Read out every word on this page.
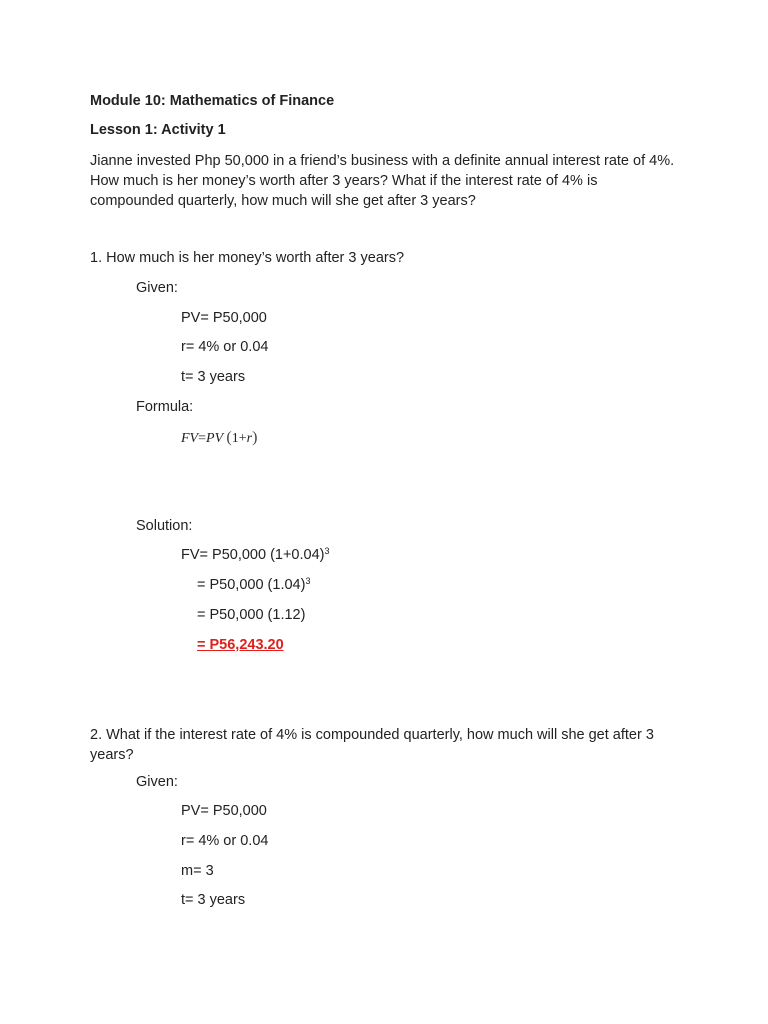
Module 10: Mathematics of Finance
Lesson 1: Activity 1
Jianne invested Php 50,000 in a friend’s business with a definite annual interest rate of 4%. How much is her money’s worth after 3 years? What if the interest rate of 4% is compounded quarterly, how much will she get after 3 years?
1. How much is her money’s worth after 3 years?
Given:
PV= P50,000
r= 4% or 0.04
t= 3 years
Formula:
FV=PV (1+r)
Solution:
FV= P50,000 $(1+0.04)^3$
= P50,000 $(1.04)^3$
= P50,000 (1.12)
= P56,243.20
2. What if the interest rate of 4% is compounded quarterly, how much will she get after 3 years?
Given:
PV= P50,000
r= 4% or 0.04
m= 3
t= 3 years
